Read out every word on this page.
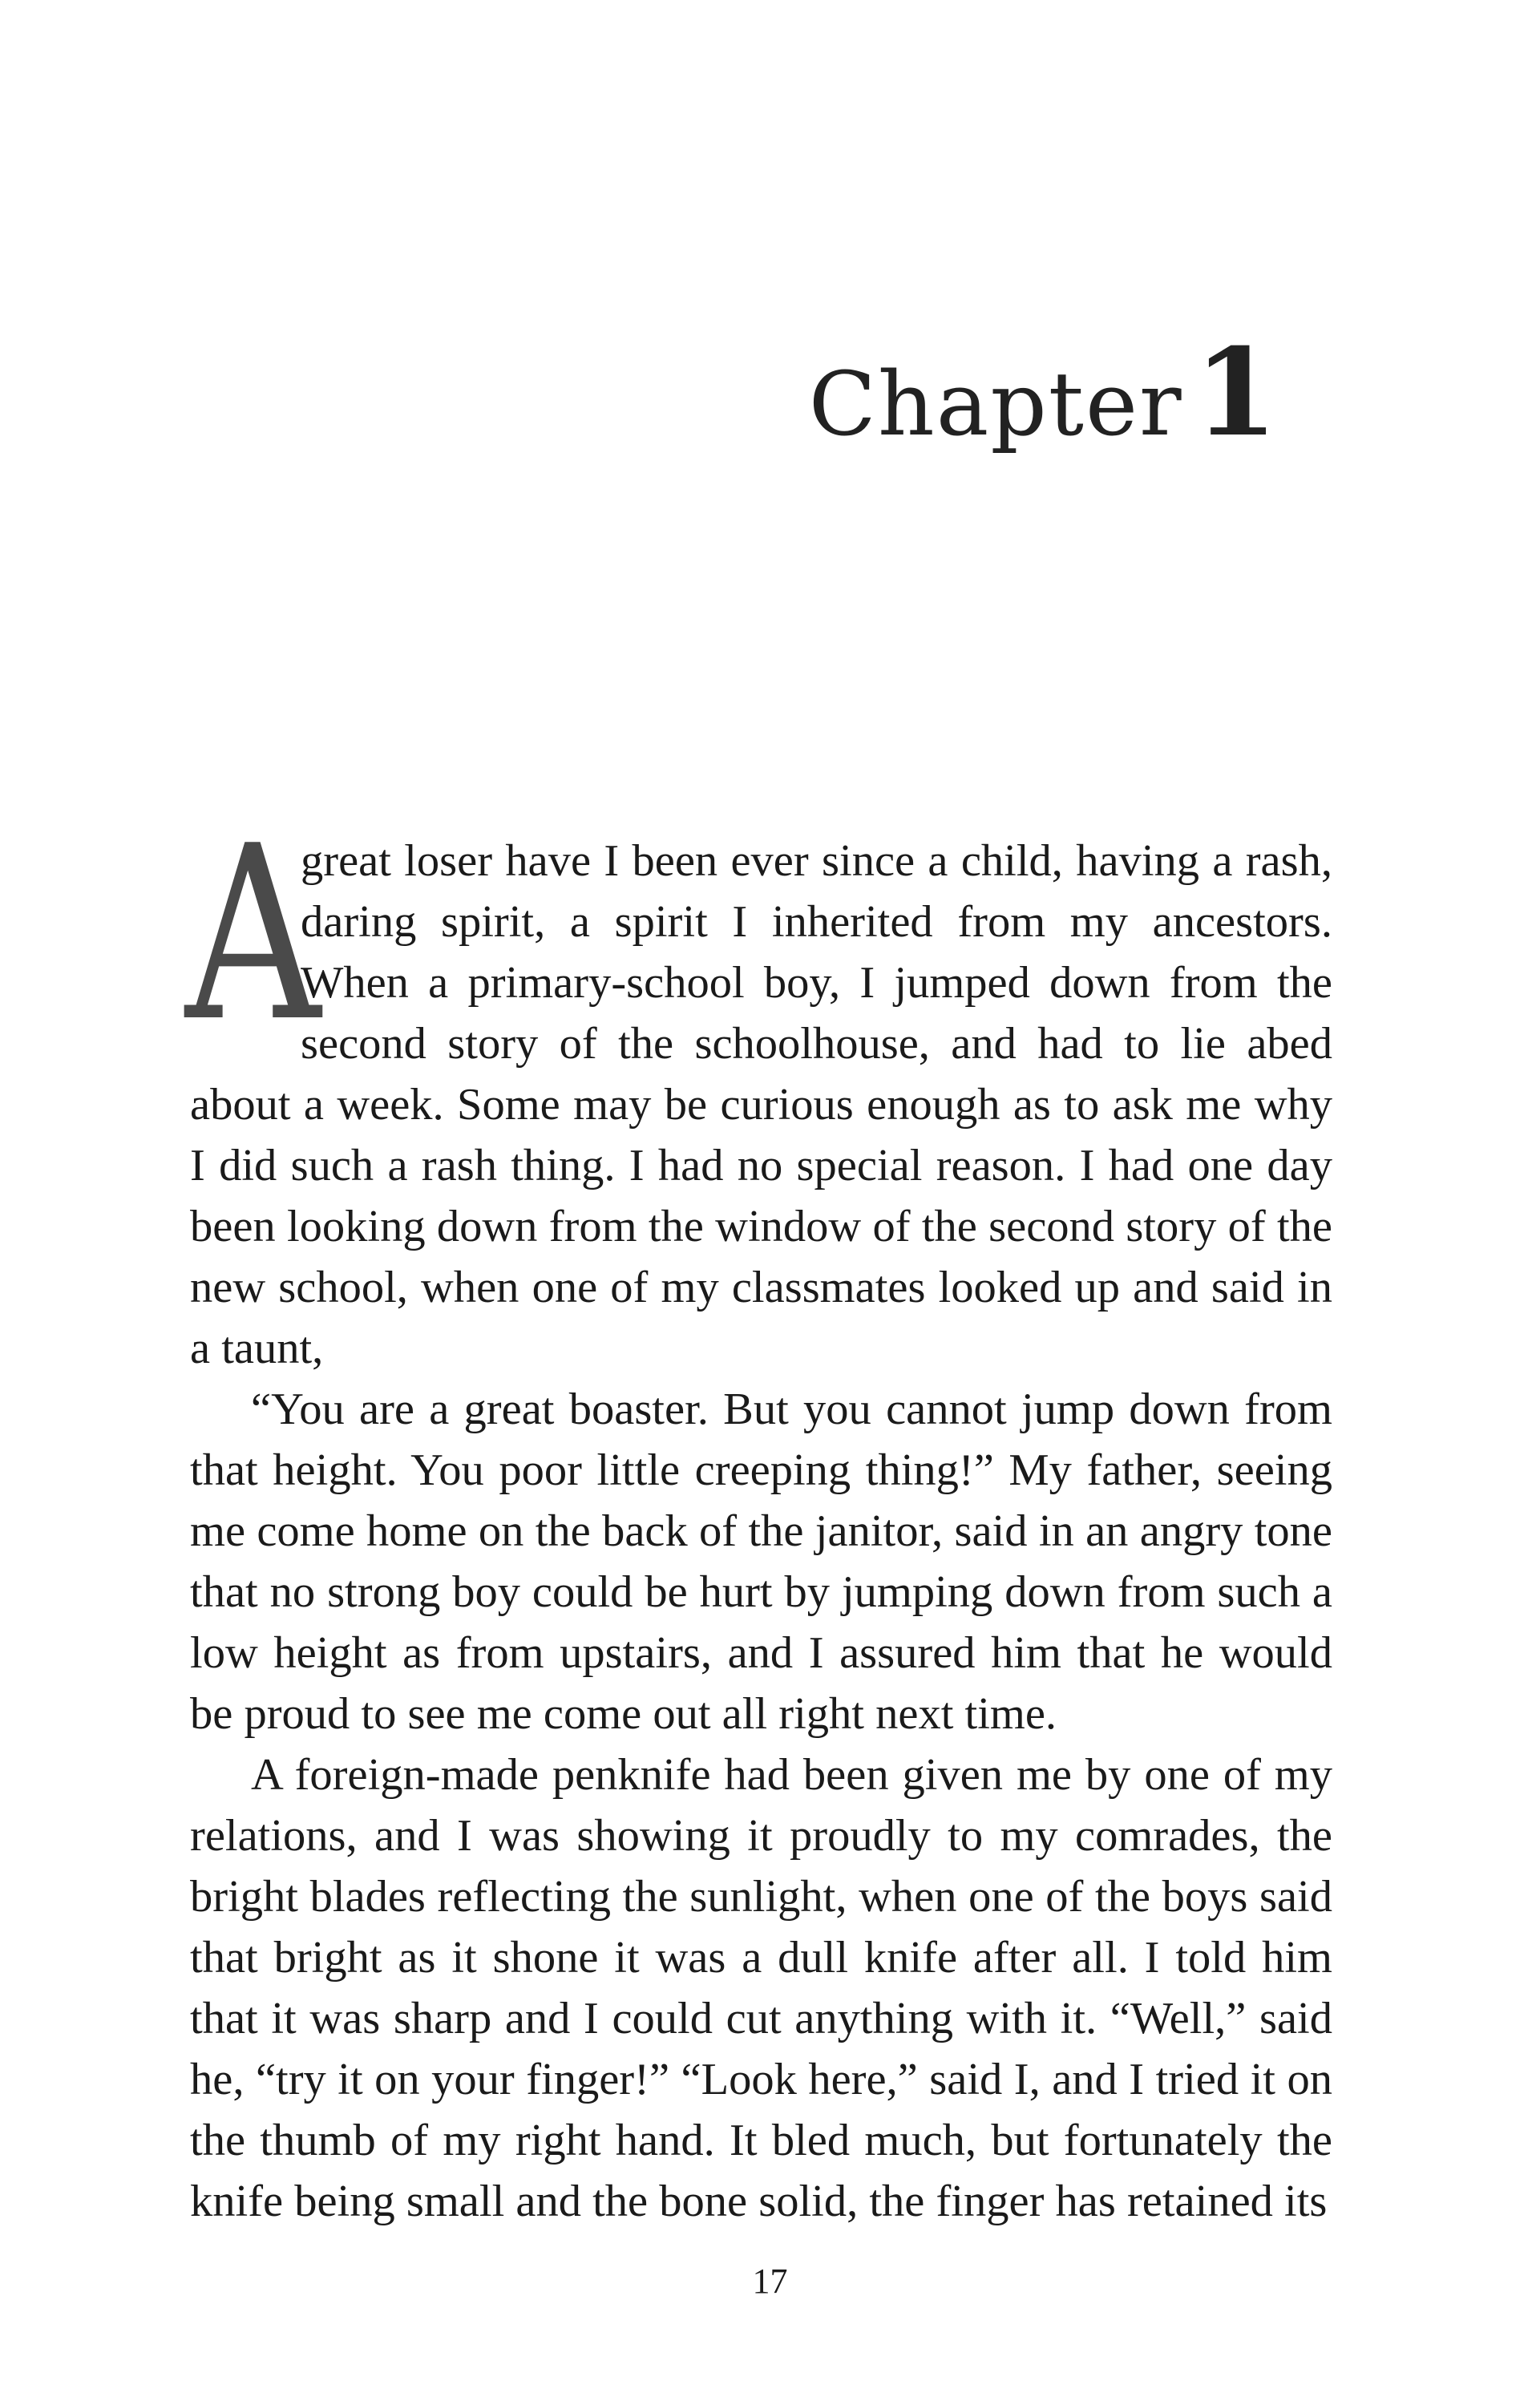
Chapter1

A
great loser have I been ever since a child, having a rash, daring spirit, a spirit I inherited from my ancestors. When a primary-school boy, I jumped down from the second story of the schoolhouse, and had to lie abed about a week. Some may be curious enough as to ask me why I did such a rash thing. I had no special reason. I had one day been looking down from the window of the second story of the new school, when one of my classmates looked up and said in a taunt,

“You are a great boaster. But you cannot jump down from that height. You poor little creeping thing!” My father, seeing me come home on the back of the janitor, said in an angry tone that no strong boy could be hurt by jumping down from such a low height as from upstairs, and I assured him that he would be proud to see me come out all right next time.

A foreign-made penknife had been given me by one of my relations, and I was showing it proudly to my comrades, the bright blades reflecting the sunlight, when one of the boys said that bright as it shone it was a dull knife after all. I told him that it was sharp and I could cut anything with it. “Well,” said he, “try it on your finger!” “Look here,” said I, and I tried it on the thumb of my right hand. It bled much, but fortunately the knife being small and the bone solid, the finger has retained its

17
